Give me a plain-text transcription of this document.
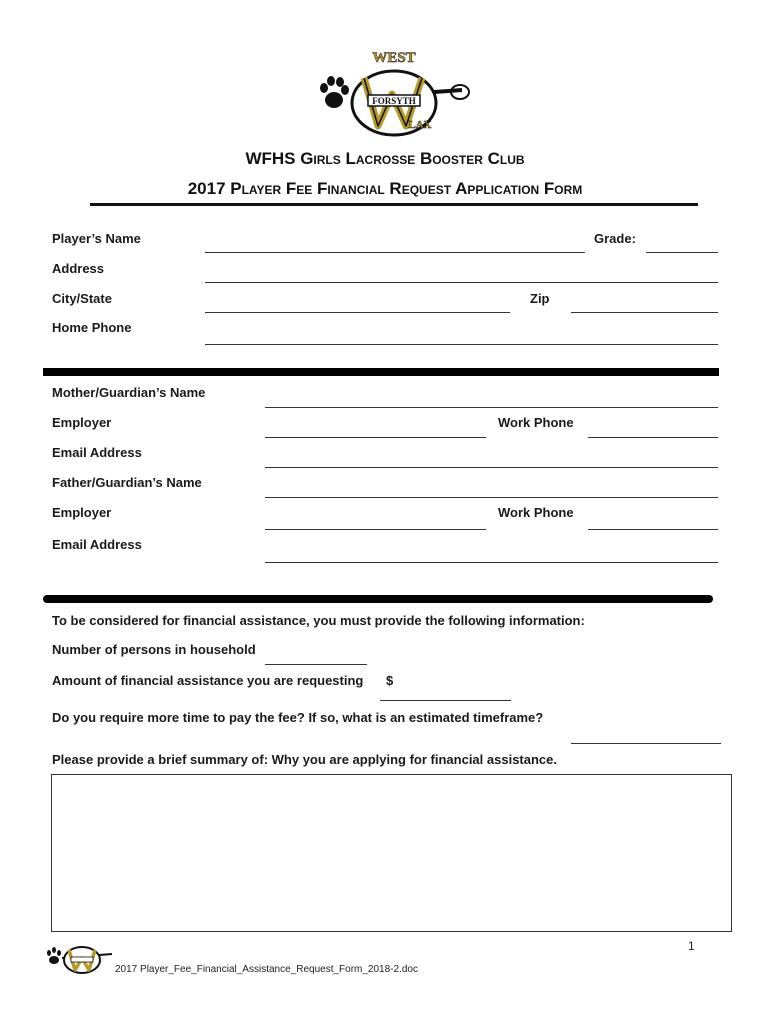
FORSYTH
WEST
LAX
WFHS Girls Lacrosse Booster Club
2017 Player Fee Financial Request Application Form
Player’s Name	Grade:
Address
City/State	Zip
Home Phone
Mother/Guardian’s Name
Employer	Work Phone
Email Address
Father/Guardian’s Name
Employer	Work Phone
Email Address
To be considered for financial assistance, you must provide the following information:
Number of persons in household
Amount of financial assistance you are requesting $
Do you require more time to pay the fee? If so, what is an estimated timeframe?
Please provide a brief summary of: Why you are applying for financial assistance.
1
2017 Player_Fee_Financial_Assistance_Request_Form_2018-2.doc
